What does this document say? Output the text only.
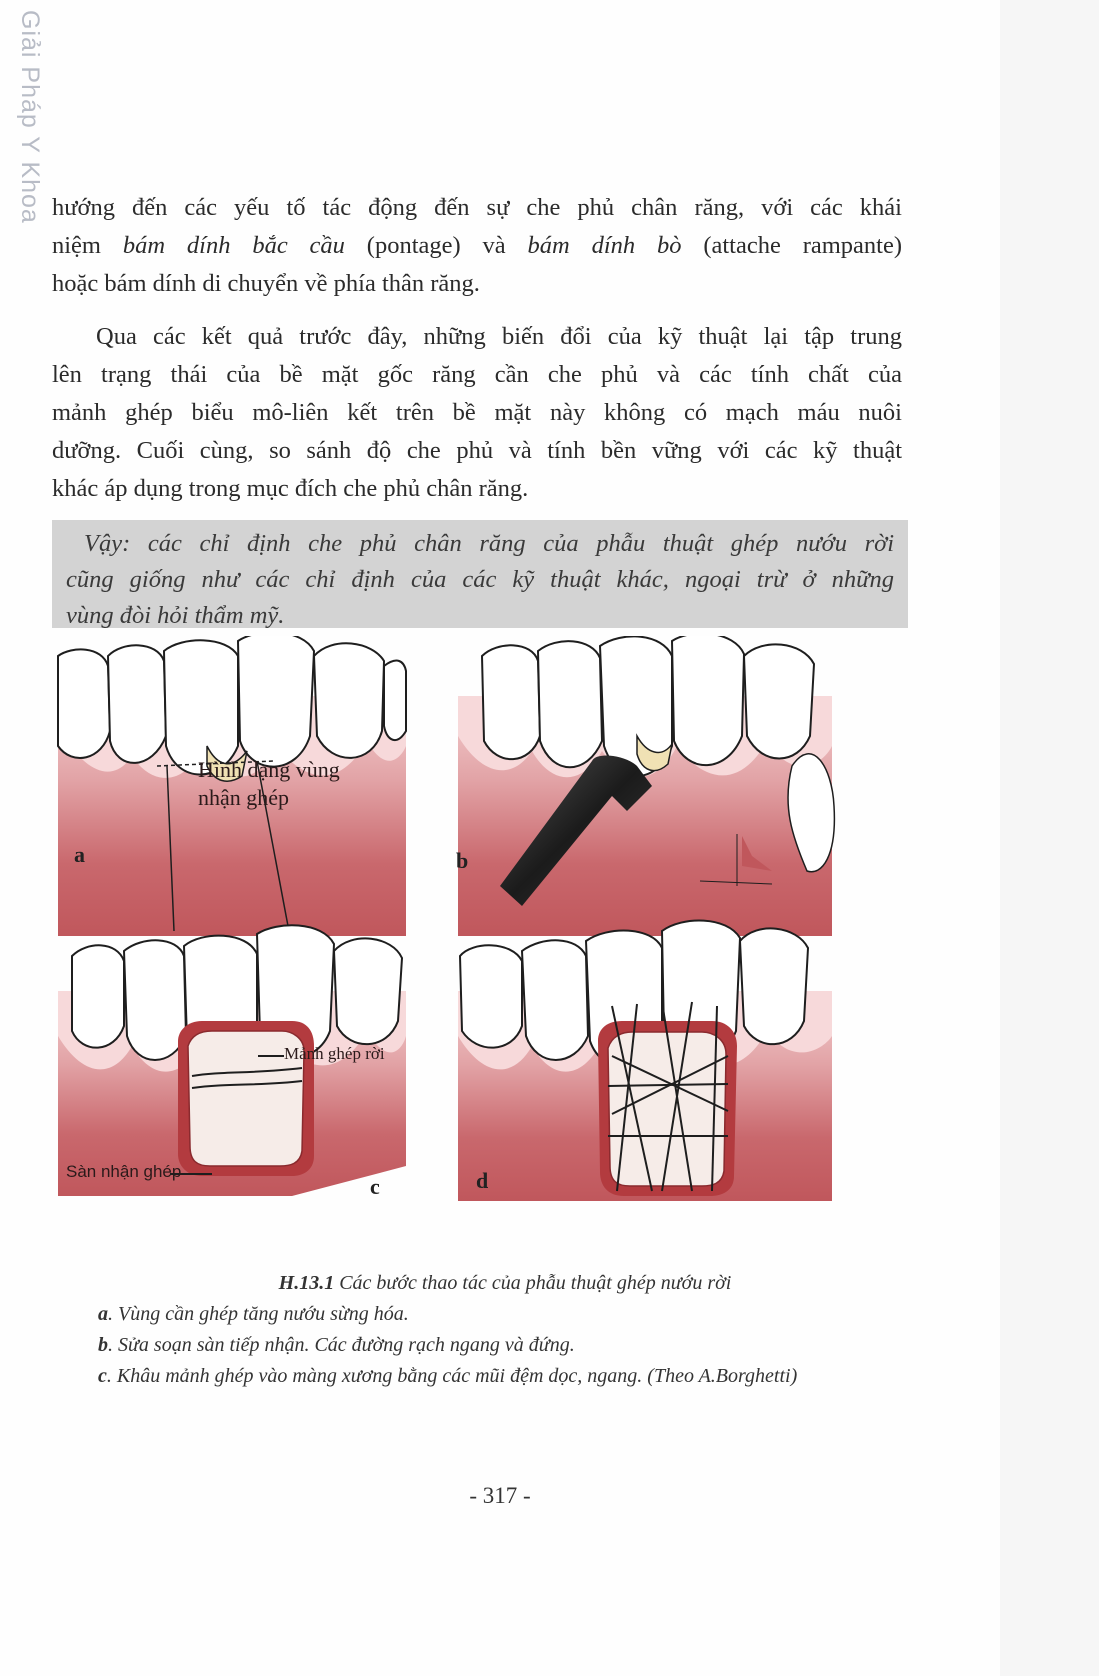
Giải Pháp Y Khoa hướng đến các yếu tố tác động đến sự che phủ chân răng, với các khái
niệm bám dính bắc cầu (pontage) và bám dính bò (attache rampante)
hoặc bám dính di chuyển về phía thân răng.
Qua các kết quả trước đây, những biến đổi của kỹ thuật lại tập trung
lên trạng thái của bề mặt gốc răng cần che phủ và các tính chất của
mảnh ghép biểu mô-liên kết trên bề mặt này không có mạch máu nuôi
dưỡng. Cuối cùng, so sánh độ che phủ và tính bền vững với các kỹ thuật
khác áp dụng trong mục đích che phủ chân răng.
Vậy: các chỉ định che phủ chân răng của phẫu thuật ghép nướu rời
cũng giống như các chỉ định của các kỹ thuật khác, ngoại trừ ở những
vùng đòi hỏi thẩm mỹ.
Hình dạng vùng
nhận ghép
a	b
Mảnh ghép rời
Sàn nhận ghép
c	d
H.13.1 Các bước thao tác của phẫu thuật ghép nướu rời
a. Vùng cần ghép tăng nướu sừng hóa.
b. Sửa soạn sàn tiếp nhận. Các đường rạch ngang và đứng.
c. Khâu mảnh ghép vào màng xương bằng các mũi đệm dọc, ngang. (Theo A.Borghetti)
- 317 -
